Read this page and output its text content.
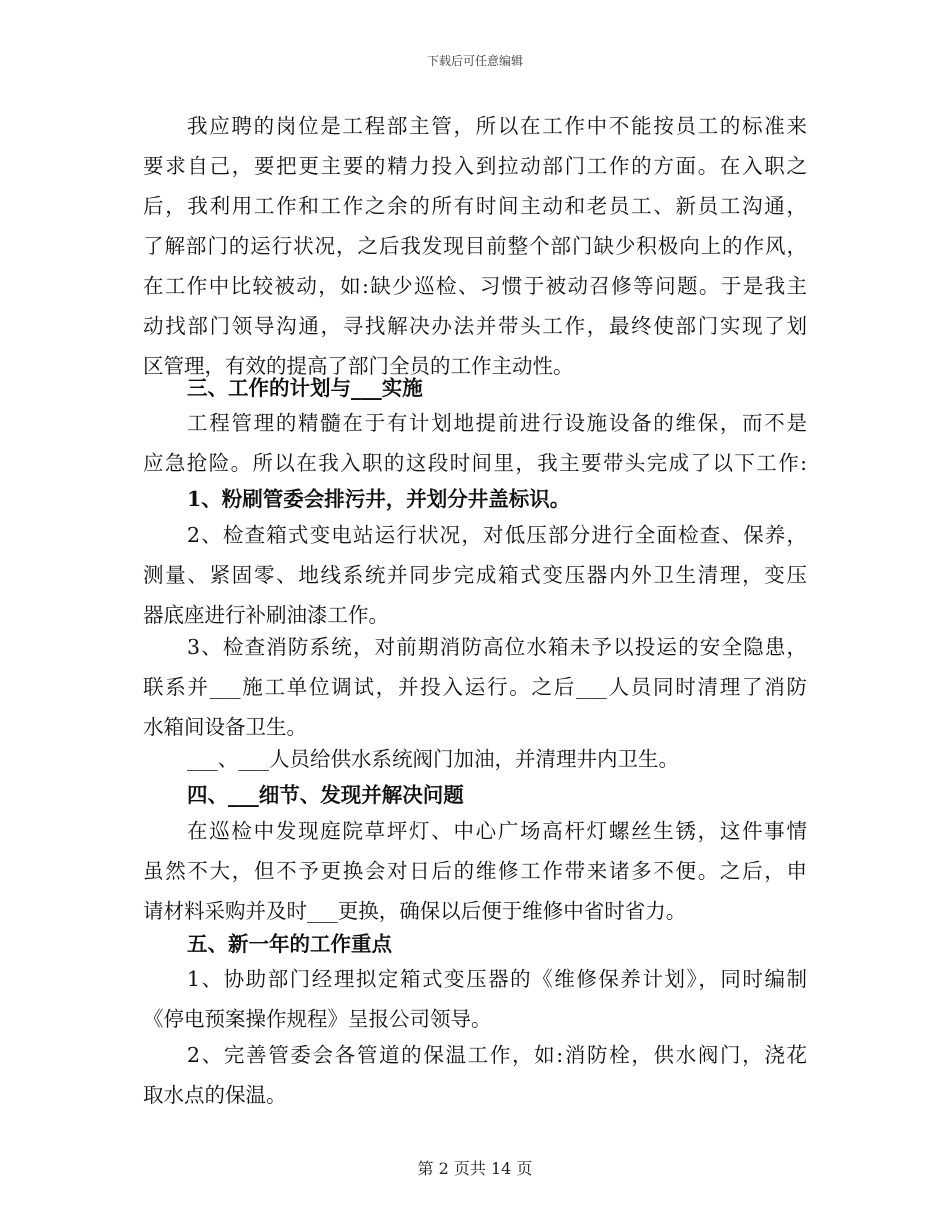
下载后可任意编辑
我应聘的岗位是工程部主管，所以在工作中不能按员工的标准来
要求自己，要把更主要的精力投入到拉动部门工作的方面。在入职之
后，我利用工作和工作之余的所有时间主动和老员工、新员工沟通，
了解部门的运行状况，之后我发现目前整个部门缺少积极向上的作风，
在工作中比较被动，如:缺少巡检、习惯于被动召修等问题。于是我主
动找部门领导沟通，寻找解决办法并带头工作，最终使部门实现了划
区管理，有效的提高了部门全员的工作主动性。
三、工作的计划与___实施
工程管理的精髓在于有计划地提前进行设施设备的维保，而不是
应急抢险。所以在我入职的这段时间里，我主要带头完成了以下工作:
1、粉刷管委会排污井，并划分井盖标识。
2、检查箱式变电站运行状况，对低压部分进行全面检查、保养，
测量、紧固零、地线系统并同步完成箱式变压器内外卫生清理，变压
器底座进行补刷油漆工作。
3、检查消防系统，对前期消防高位水箱未予以投运的安全隐患，
联系并___施工单位调试，并投入运行。之后___人员同时清理了消防
水箱间设备卫生。
___、___人员给供水系统阀门加油，并清理井内卫生。
四、___细节、发现并解决问题
在巡检中发现庭院草坪灯、中心广场高杆灯螺丝生锈，这件事情
虽然不大，但不予更换会对日后的维修工作带来诸多不便。之后，申
请材料采购并及时___更换，确保以后便于维修中省时省力。
五、新一年的工作重点
1、协助部门经理拟定箱式变压器的《维修保养计划》，同时编制
《停电预案操作规程》呈报公司领导。
2、完善管委会各管道的保温工作，如:消防栓，供水阀门，浇花
取水点的保温。
第 2 页共 14 页
